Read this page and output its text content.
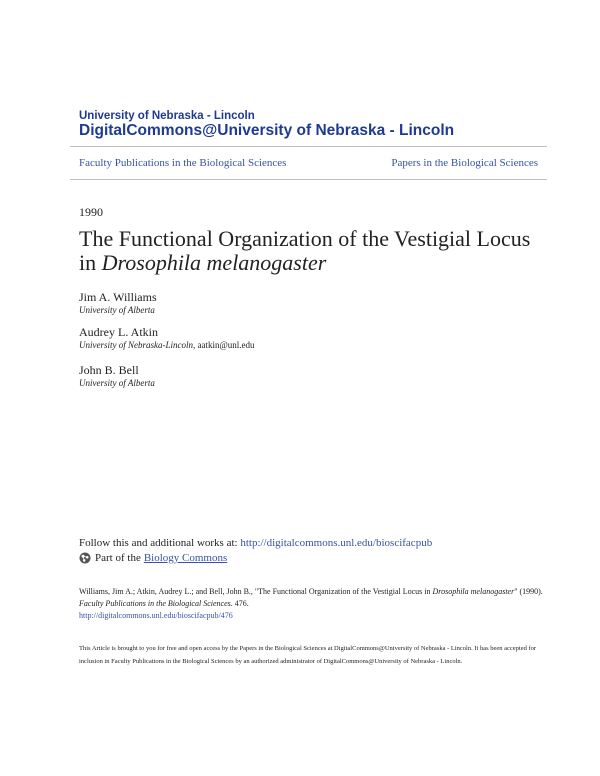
University of Nebraska - Lincoln
DigitalCommons@University of Nebraska - Lincoln
Faculty Publications in the Biological Sciences	Papers in the Biological Sciences
1990
The Functional Organization of the Vestigial Locus in Drosophila melanogaster
Jim A. Williams
University of Alberta
Audrey L. Atkin
University of Nebraska-Lincoln, aatkin@unl.edu
John B. Bell
University of Alberta
Follow this and additional works at: http://digitalcommons.unl.edu/bioscifacpub
Part of the Biology Commons
Williams, Jim A.; Atkin, Audrey L.; and Bell, John B., "The Functional Organization of the Vestigial Locus in Drosophila melanogaster" (1990). Faculty Publications in the Biological Sciences. 476.
http://digitalcommons.unl.edu/bioscifacpub/476
This Article is brought to you for free and open access by the Papers in the Biological Sciences at DigitalCommons@University of Nebraska - Lincoln. It has been accepted for inclusion in Faculty Publications in the Biological Sciences by an authorized administrator of DigitalCommons@University of Nebraska - Lincoln.
